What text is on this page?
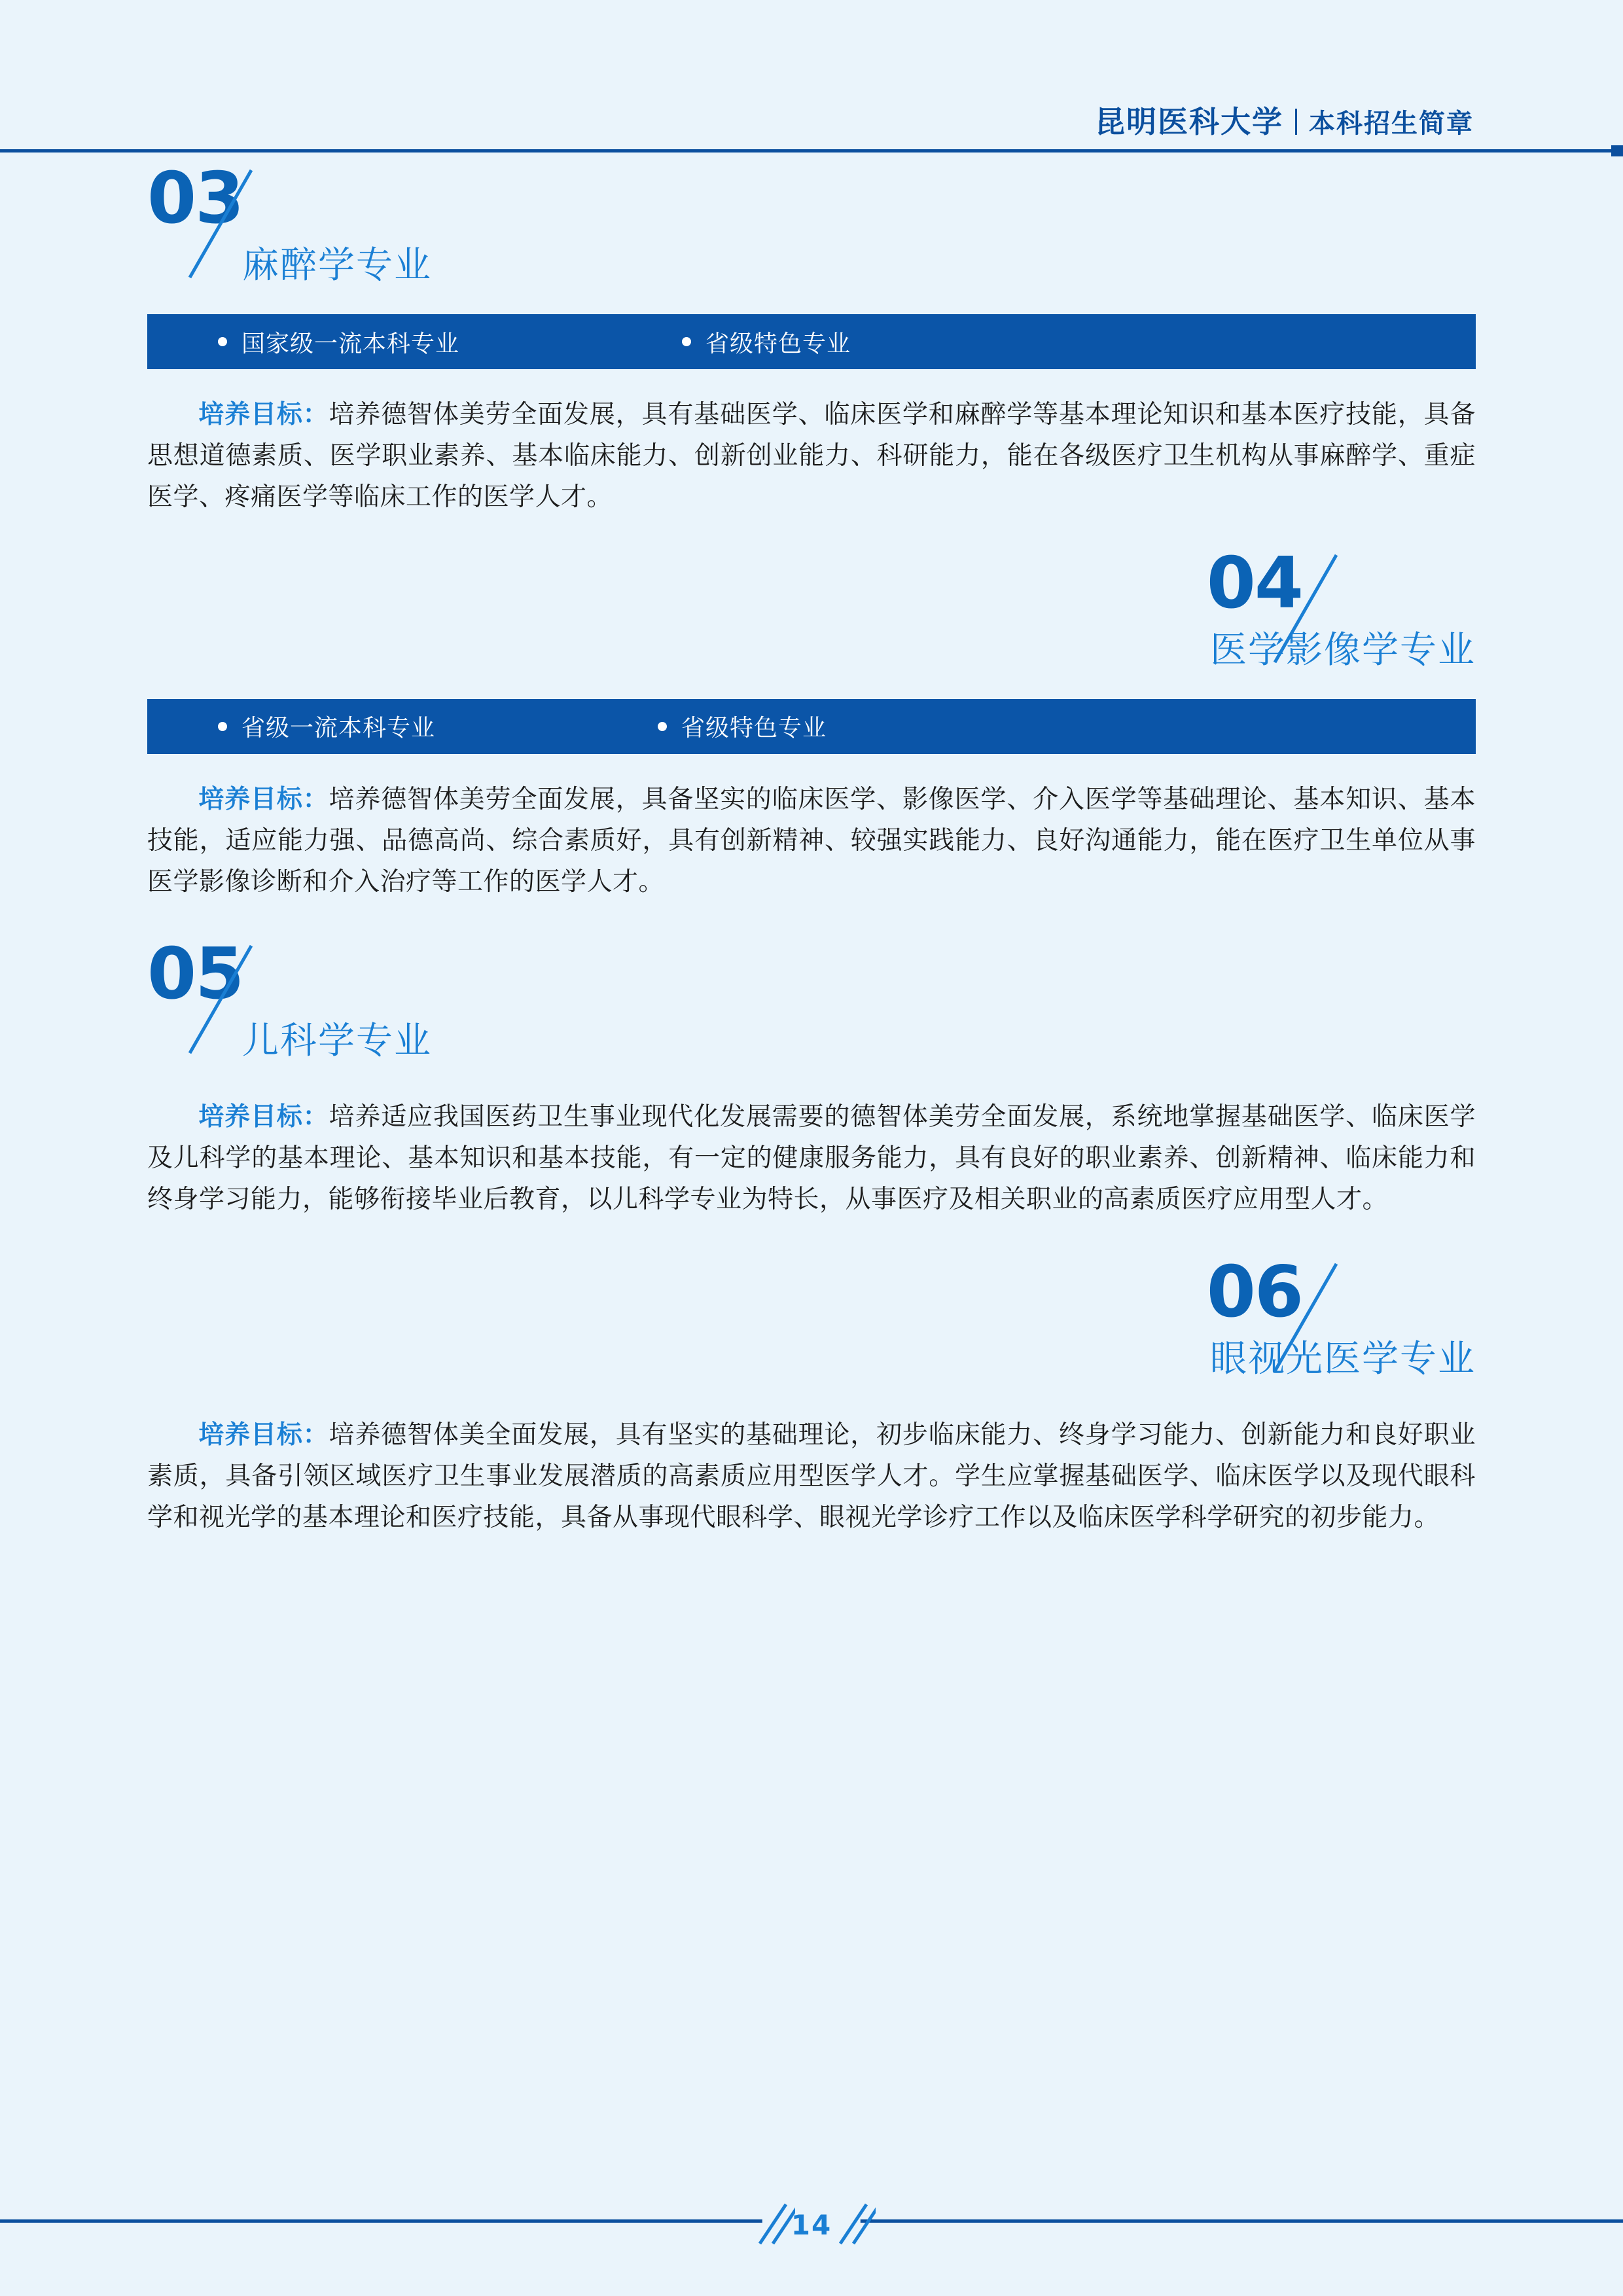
昆明医科大学 本科招生简章
03
麻醉学专业
国家级一流本科专业	省级特色专业

培养目标：培养德智体美劳全面发展，具有基础医学、临床医学和麻醉学等基本理论知识和基本医疗技能，具备思想道德素质、医学职业素养、基本临床能力、创新创业能力、科研能力，能在各级医疗卫生机构从事麻醉学、重症医学、疼痛医学等临床工作的医学人才。

04
医学影像学专业
省级一流本科专业	省级特色专业

培养目标：培养德智体美劳全面发展，具备坚实的临床医学、影像医学、介入医学等基础理论、基本知识、基本技能，适应能力强、品德高尚、综合素质好，具有创新精神、较强实践能力、良好沟通能力，能在医疗卫生单位从事医学影像诊断和介入治疗等工作的医学人才。

05
儿科学专业

培养目标：培养适应我国医药卫生事业现代化发展需要的德智体美劳全面发展，系统地掌握基础医学、临床医学及儿科学的基本理论、基本知识和基本技能，有一定的健康服务能力，具有良好的职业素养、创新精神、临床能力和终身学习能力，能够衔接毕业后教育，以儿科学专业为特长，从事医疗及相关职业的高素质医疗应用型人才。

06
眼视光医学专业

培养目标：培养德智体美全面发展，具有坚实的基础理论，初步临床能力、终身学习能力、创新能力和良好职业素质，具备引领区域医疗卫生事业发展潜质的高素质应用型医学人才。学生应掌握基础医学、临床医学以及现代眼科学和视光学的基本理论和医疗技能，具备从事现代眼科学、眼视光学诊疗工作以及临床医学科学研究的初步能力。

14
